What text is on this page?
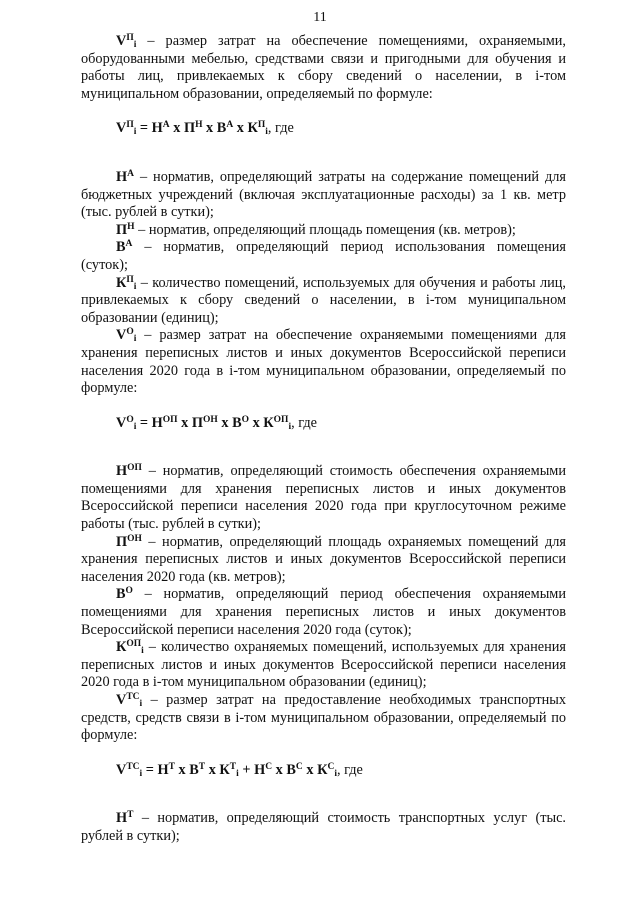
11

$V^П_i$ – размер затрат на обеспечение помещениями, охраняемыми, оборудованными мебелью, средствами связи и пригодными для обучения и работы лиц, привлекаемых к сбору сведений о населении, в i-том муниципальном образовании, определяемый по формуле:

$V^П_i = Н^А$ х $П^Н$ х $В^А$ х $К^П_i$, где

$Н^А$ – норматив, определяющий затраты на содержание помещений для бюджетных учреждений (включая эксплуатационные расходы) за 1 кв. метр (тыс. рублей в сутки);

$П^Н$ – норматив, определяющий площадь помещения (кв. метров);

$В^А$ – норматив, определяющий период использования помещения (суток);

$К^П_i$ – количество помещений, используемых для обучения и работы лиц, привлекаемых к сбору сведений о населении, в i-том муниципальном образовании (единиц);

$V^О_i$ – размер затрат на обеспечение охраняемыми помещениями для хранения переписных листов и иных документов Всероссийской переписи населения 2020 года в i-том муниципальном образовании, определяемый по формуле:

$V^О_i = Н^{ОП}$ х $П^{ОН}$ х $В^О$ х $К^{ОП}_i$, где

$Н^{ОП}$ – норматив, определяющий стоимость обеспечения охраняемыми помещениями для хранения переписных листов и иных документов Всероссийской переписи населения 2020 года при круглосуточном режиме работы (тыс. рублей в сутки);

$П^{ОН}$ – норматив, определяющий площадь охраняемых помещений для хранения переписных листов и иных документов Всероссийской переписи населения 2020 года (кв. метров);

$В^О$ – норматив, определяющий период обеспечения охраняемыми помещениями для хранения переписных листов и иных документов Всероссийской переписи населения 2020 года (суток);

$К^{ОП}_i$ – количество охраняемых помещений, используемых для хранения переписных листов и иных документов Всероссийской переписи населения 2020 года в i-том муниципальном образовании (единиц);

$V^{ТС}_i$ – размер затрат на предоставление необходимых транспортных средств, средств связи в i-том муниципальном образовании, определяемый по формуле:

$V^{ТС}_i = Н^Т$ х $В^Т$ х $К^Т_i + Н^С$ х $В^С$ х $К^С_i$, где

$Н^Т$ – норматив, определяющий стоимость транспортных услуг (тыс. рублей в сутки);
